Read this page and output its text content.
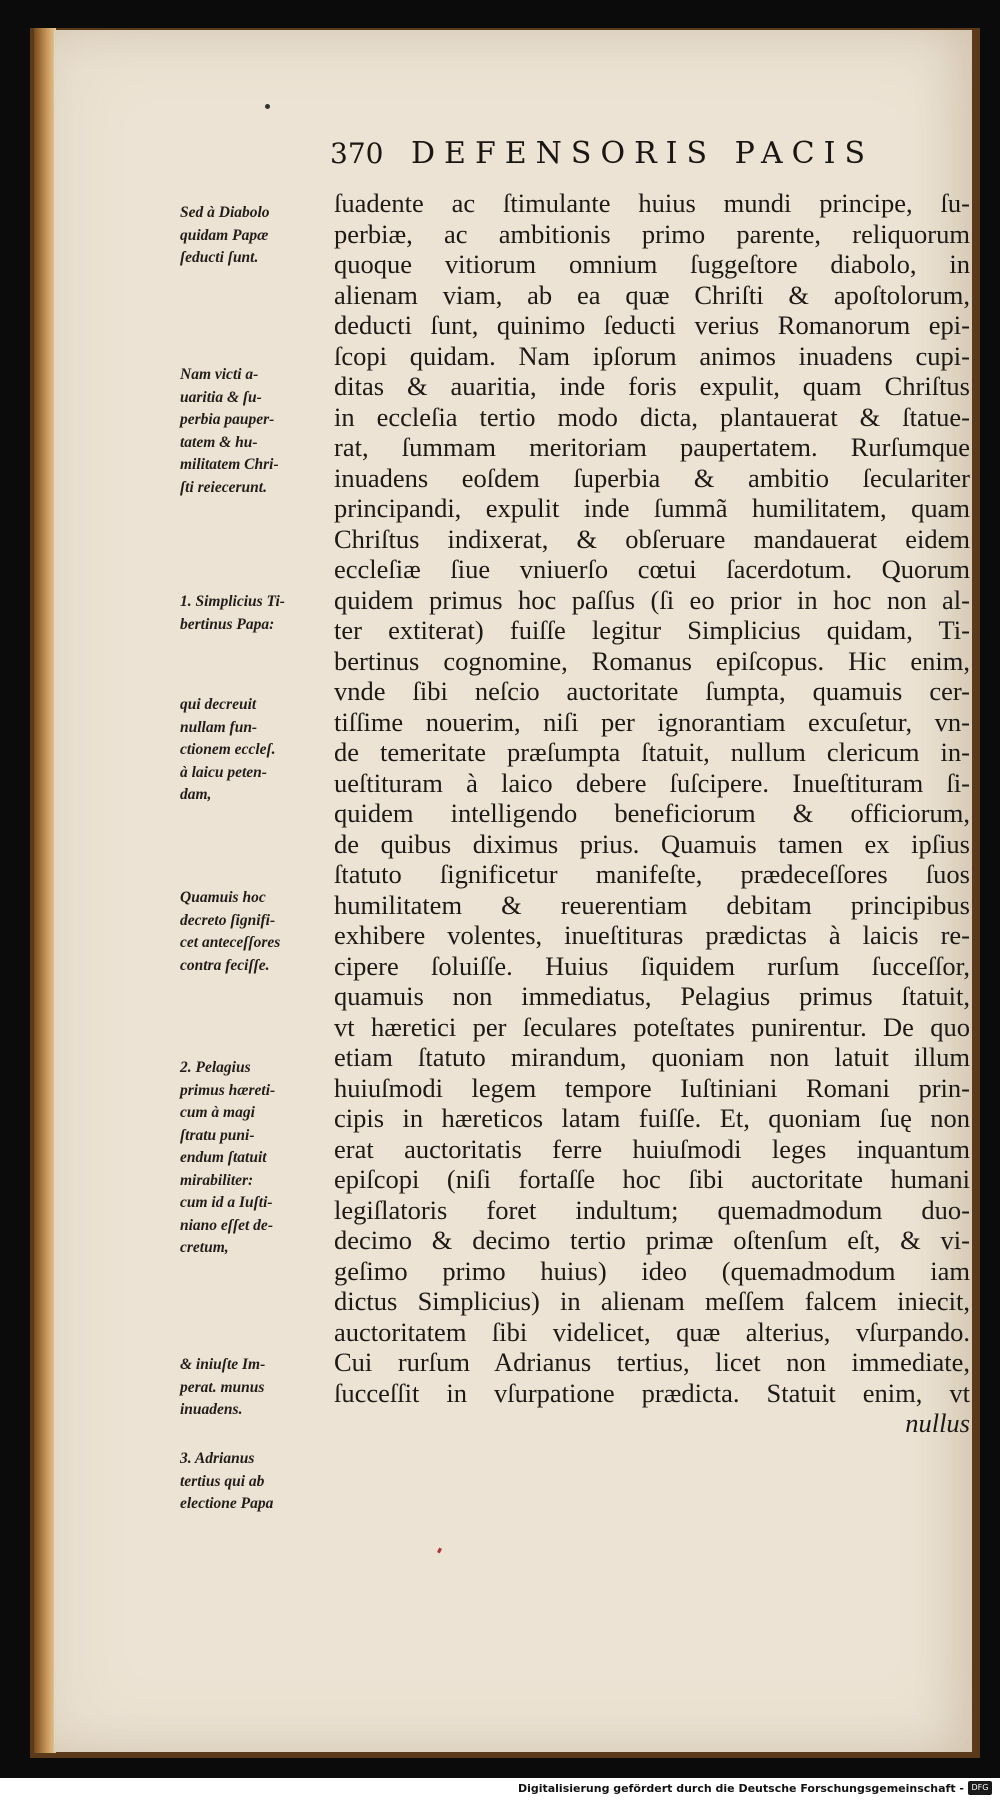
370 DEFENSORIS PACIS
ſuadente ac ſtimulante huius mundi principe, ſu-
perbiæ, ac ambitionis primo parente, reliquorum
quoque vitiorum omnium ſuggeſtore diabolo, in
alienam viam, ab ea quæ Chriſti & apoſtolorum,
deducti ſunt, quinimo ſeducti verius Romanorum epi-
ſcopi quidam. Nam ipſorum animos inuadens cupi-
ditas & auaritia, inde foris expulit, quam Chriſtus
in eccleſia tertio modo dicta, plantauerat & ſtatue-
rat, ſummam meritoriam paupertatem. Rurſumque
inuadens eoſdem ſuperbia & ambitio ſeculariter
principandi, expulit inde ſummã humilitatem, quam
Chriſtus indixerat, & obſeruare mandauerat eidem
eccleſiæ ſiue vniuerſo cœtui ſacerdotum. Quorum
quidem primus hoc paſſus (ſi eo prior in hoc non al-
ter extiterat) fuiſſe legitur Simplicius quidam, Ti-
bertinus cognomine, Romanus epiſcopus. Hic enim,
vnde ſibi neſcio auctoritate ſumpta, quamuis cer-
tiſſime nouerim, niſi per ignorantiam excuſetur, vn-
de temeritate præſumpta ſtatuit, nullum clericum in-
ueſtituram à laico debere ſuſcipere. Inueſtituram ſi-
quidem intelligendo beneficiorum & officiorum,
de quibus diximus prius. Quamuis tamen ex ipſius
ſtatuto ſignificetur manifeſte, prædeceſſores ſuos
humilitatem & reuerentiam debitam principibus
exhibere volentes, inueſtituras prædictas à laicis re-
cipere ſoluiſſe. Huius ſiquidem rurſum ſucceſſor,
quamuis non immediatus, Pelagius primus ſtatuit,
vt hæretici per ſeculares poteſtates punirentur. De quo
etiam ſtatuto mirandum, quoniam non latuit illum
huiuſmodi legem tempore Iuſtiniani Romani prin-
cipis in hæreticos latam fuiſſe. Et, quoniam ſuę non
erat auctoritatis ferre huiuſmodi leges inquantum
epiſcopi (niſi fortaſſe hoc ſibi auctoritate humani
legiſlatoris foret indultum; quemadmodum duo-
decimo & decimo tertio primæ oſtenſum eſt, & vi-
geſimo primo huius) ideo (quemadmodum iam
dictus Simplicius) in alienam meſſem falcem iniecit,
auctoritatem ſibi videlicet, quæ alterius, vſurpando.
Cui rurſum Adrianus tertius, licet non immediate,
ſucceſſit in vſurpatione prædicta. Statuit enim, vt
nullus
Sed à Diabolo
quidam Papæ
ſeducti ſunt.
Nam victi a-
uaritia & ſu-
perbia pauper-
tatem & hu-
militatem Chri-
ſti reiecerunt.
1. Simplicius Ti-
bertinus Papa:
qui decreuit
nullam fun-
ctionem eccleſ.
à laicu peten-
dam,
Quamuis hoc
decreto ſignifi-
cet anteceſſores
contra feciſſe.
2. Pelagius
primus hæreti-
cum à magi
ſtratu puni-
endum ſtatuit
mirabiliter:
cum id a Iuſti-
niano eſſet de-
cretum,
& iniuſte Im-
perat. munus
inuadens.
3. Adrianus
tertius qui ab
electione Papa
Digitalisierung gefördert durch die Deutsche Forschungsgemeinschaft - DFG
